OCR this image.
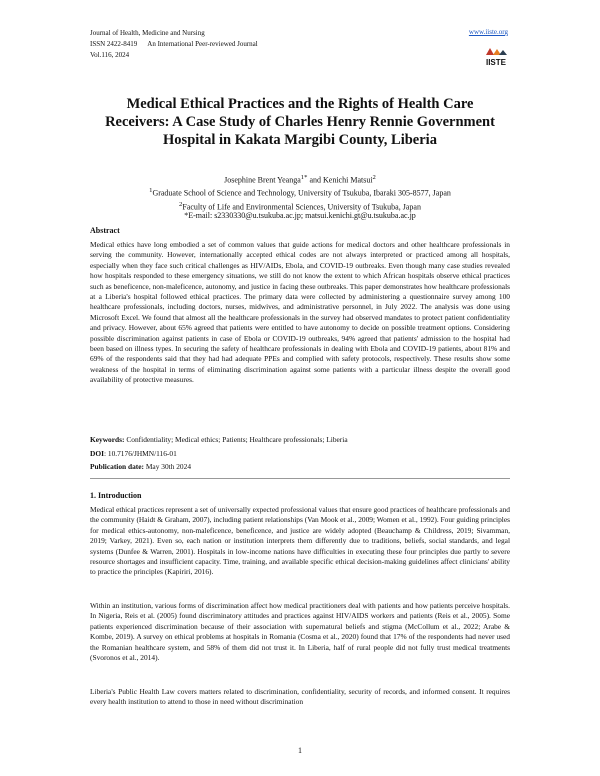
Journal of Health, Medicine and Nursing
ISSN 2422-8419 An International Peer-reviewed Journal
Vol.116, 2024
www.iiste.org
IISTE
Medical Ethical Practices and the Rights of Health Care Receivers: A Case Study of Charles Henry Rennie Government Hospital in Kakata Margibi County, Liberia
Josephine Brent Yeanga$^{1*}$ and Kenichi Matsui$^2$
$^1$Graduate School of Science and Technology, University of Tsukuba, Ibaraki 305-8577, Japan
$^2$Faculty of Life and Environmental Sciences, University of Tsukuba, Japan
*E-mail: s2330330@u.tsukuba.ac.jp; matsui.kenichi.gt@u.tsukuba.ac.jp
Abstract

Medical ethics have long embodied a set of common values that guide actions for medical doctors and other healthcare professionals in serving the community. However, internationally accepted ethical codes are not always interpreted or practiced among all hospitals, especially when they face such critical challenges as HIV/AIDs, Ebola, and COVID-19 outbreaks. Even though many case studies revealed how hospitals responded to these emergency situations, we still do not know the extent to which African hospitals observe ethical practices such as beneficence, non-maleficence, autonomy, and justice in facing these outbreaks. This paper demonstrates how healthcare professionals at a Liberia's hospital followed ethical practices. The primary data were collected by administering a questionnaire survey among 100 healthcare professionals, including doctors, nurses, midwives, and administrative personnel, in July 2022. The analysis was done using Microsoft Excel. We found that almost all the healthcare professionals in the survey had observed mandates to protect patient confidentiality and privacy. However, about 65% agreed that patients were entitled to have autonomy to decide on possible treatment options. Considering possible discrimination against patients in case of Ebola or COVID-19 outbreaks, 94% agreed that patients' admission to the hospital had been based on illness types. In securing the safety of healthcare professionals in dealing with Ebola and COVID-19 patients, about 81% and 69% of the respondents said that they had had adequate PPEs and complied with safety protocols, respectively. These results show some weakness of the hospital in terms of eliminating discrimination against some patients with a particular illness despite the overall good availability of protective measures.

Keywords: Confidentiality; Medical ethics; Patients; Healthcare professionals; Liberia
DOI: 10.7176/JHMN/116-01
Publication date: May 30th 2024
1. Introduction

Medical ethical practices represent a set of universally expected professional values that ensure good practices of healthcare professionals and the community (Haidt & Graham, 2007), including patient relationships (Van Mook et al., 2009; Women et al., 1992). Four guiding principles for medical ethics-autonomy, non-maleficence, beneficence, and justice are widely adopted (Beauchamp & Childress, 2019; Sivamman, 2019; Varkey, 2021). Even so, each nation or institution interprets them differently due to traditions, beliefs, social standards, and legal systems (Dunfee & Warren, 2001). Hospitals in low-income nations have difficulties in executing these four principles due partly to severe resource shortages and insufficient capacity. Time, training, and available specific ethical decision-making guidelines affect clinicians' ability to practice the principles (Kapiriri, 2016).

Within an institution, various forms of discrimination affect how medical practitioners deal with patients and how patients perceive hospitals. In Nigeria, Reis et al. (2005) found discriminatory attitudes and practices against HIV/AIDS workers and patients (Reis et al., 2005). Some patients experienced discrimination because of their association with supernatural beliefs and stigma (McCollum et al., 2022; Arabe & Kombe, 2019). A survey on ethical problems at hospitals in Romania (Cosma et al., 2020) found that 17% of the respondents had never used the Romanian healthcare system, and 58% of them did not trust it. In Liberia, half of rural people did not fully trust medical treatments (Svoronos et al., 2014).

Liberia's Public Health Law covers matters related to discrimination, confidentiality, security of records, and informed consent. It requires every health institution to attend to those in need without discrimination

1
